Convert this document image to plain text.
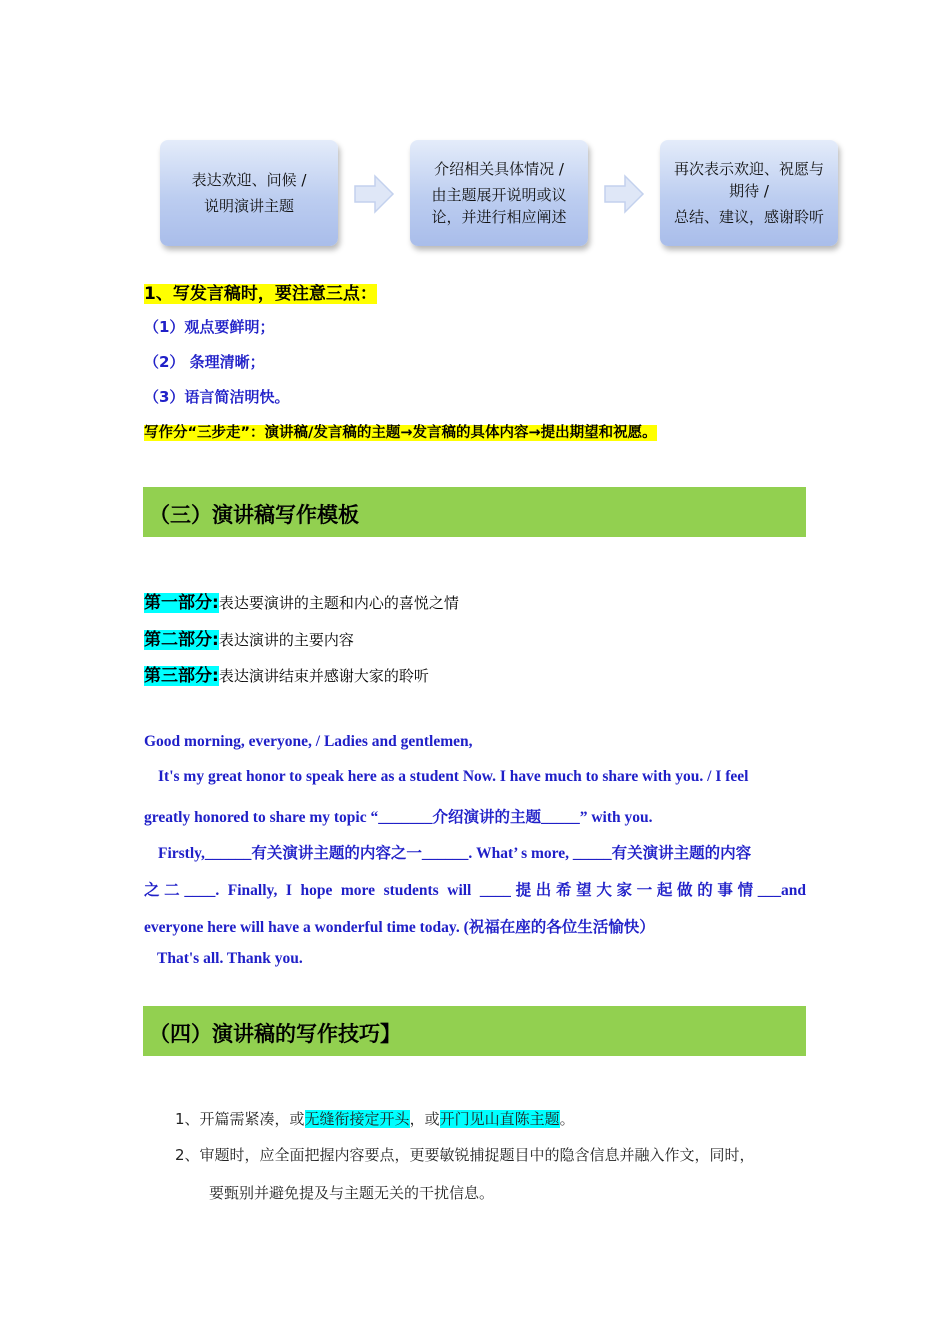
表达欢迎、问候 /
说明演讲主题
介绍相关具体情况 /
由主题展开说明或议
论，并进行相应阐述
再次表示欢迎、祝愿与
期待 /
总结、建议，感谢聆听
1、写发言稿时，要注意三点：
（1）观点要鲜明；
（2） 条理清晰；
（3）语言简洁明快。
写作分“三步走”：演讲稿/发言稿的主题→发言稿的具体内容→提出期望和祝愿。
（三）演讲稿写作模板
第一部分:表达要演讲的主题和内心的喜悦之情
第二部分:表达演讲的主要内容
第三部分:表达演讲结束并感谢大家的聆听
Good morning, everyone, / Ladies and gentlemen,
It's my great honor to speak here as a student Now. I have much to share with you. / I feel
greatly honored to share my topic “_______介绍演讲的主题_____” with you.
Firstly,______有关演讲主题的内容之一______. What’ s more, _____有关演讲主题的内容
之二____. Finally, I hope more students will ____提出希望大家一起做的事情___and
everyone here will have a wonderful time today. (祝福在座的各位生活愉快）
That's all. Thank you.
（四）演讲稿的写作技巧】
1、开篇需紧凑，或无缝衔接定开头，或开门见山直陈主题。
2、审题时，应全面把握内容要点，更要敏锐捕捉题目中的隐含信息并融入作文，同时，
要甄别并避免提及与主题无关的干扰信息。
